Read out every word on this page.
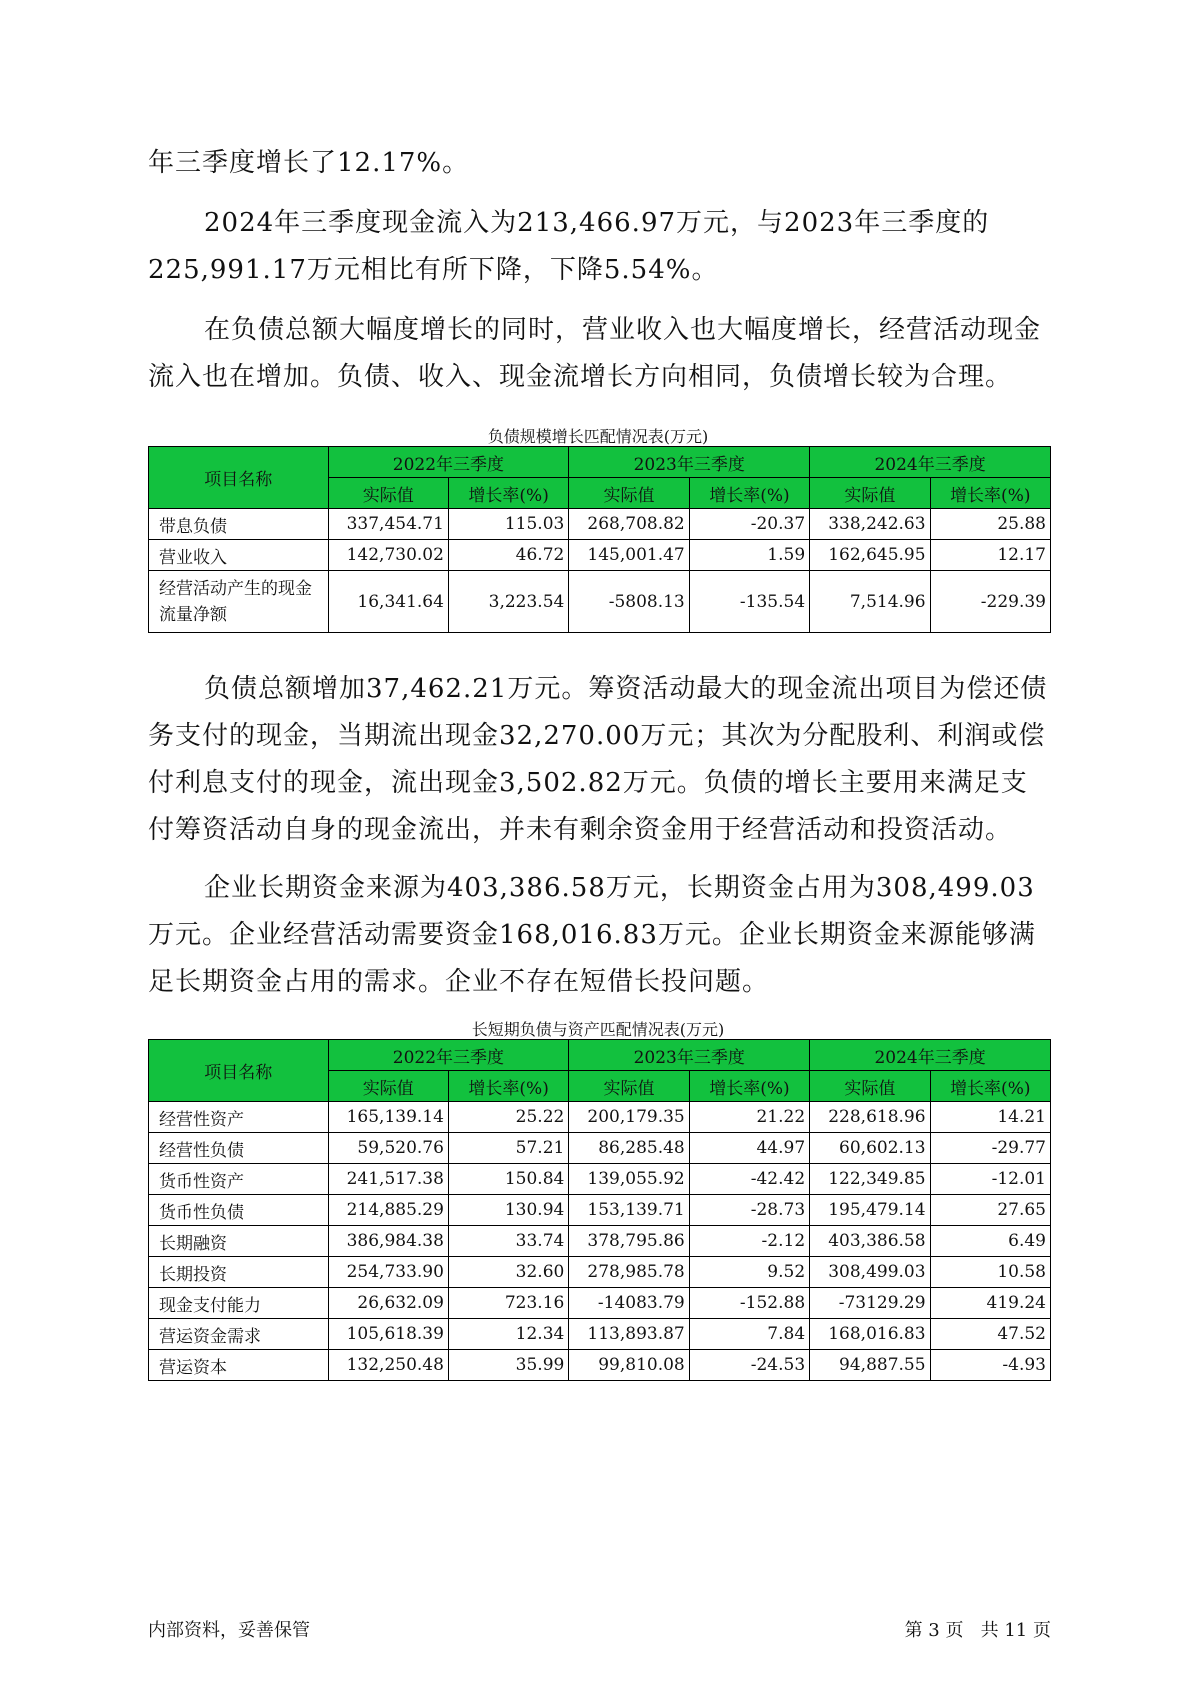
年三季度增长了12.17%。

2024年三季度现金流入为213,466.97万元，与2023年三季度的225,991.17万元相比有所下降，下降5.54%。

在负债总额大幅度增长的同时，营业收入也大幅度增长，经营活动现金流入也在增加。负债、收入、现金流增长方向相同，负债增长较为合理。

负债规模增长匹配情况表(万元)

项目名称	2022年三季度		2023年三季度		2024年三季度	
	实际值	增长率(%)	实际值	增长率(%)	实际值	增长率(%)
带息负债	337,454.71	115.03	268,708.82	-20.37	338,242.63	25.88
营业收入	142,730.02	46.72	145,001.47	1.59	162,645.95	12.17
经营活动产生的现金流量净额	16,341.64	3,223.54	-5808.13	-135.54	7,514.96	-229.39

负债总额增加37,462.21万元。筹资活动最大的现金流出项目为偿还债务支付的现金，当期流出现金32,270.00万元；其次为分配股利、利润或偿付利息支付的现金，流出现金3,502.82万元。负债的增长主要用来满足支付筹资活动自身的现金流出，并未有剩余资金用于经营活动和投资活动。

企业长期资金来源为403,386.58万元，长期资金占用为308,499.03万元。企业经营活动需要资金168,016.83万元。企业长期资金来源能够满足长期资金占用的需求。企业不存在短借长投问题。

长短期负债与资产匹配情况表(万元)

项目名称	2022年三季度		2023年三季度		2024年三季度	
	实际值	增长率(%)	实际值	增长率(%)	实际值	增长率(%)
经营性资产	165,139.14	25.22	200,179.35	21.22	228,618.96	14.21
经营性负债	59,520.76	57.21	86,285.48	44.97	60,602.13	-29.77
货币性资产	241,517.38	150.84	139,055.92	-42.42	122,349.85	-12.01
货币性负债	214,885.29	130.94	153,139.71	-28.73	195,479.14	27.65
长期融资	386,984.38	33.74	378,795.86	-2.12	403,386.58	6.49
长期投资	254,733.90	32.60	278,985.78	9.52	308,499.03	10.58
现金支付能力	26,632.09	723.16	-14083.79	-152.88	-73129.29	419.24
营运资金需求	105,618.39	12.34	113,893.87	7.84	168,016.83	47.52
营运资本	132,250.48	35.99	99,810.08	-24.53	94,887.55	-4.93
内部资料，妥善保管	第 3 页   共 11 页
